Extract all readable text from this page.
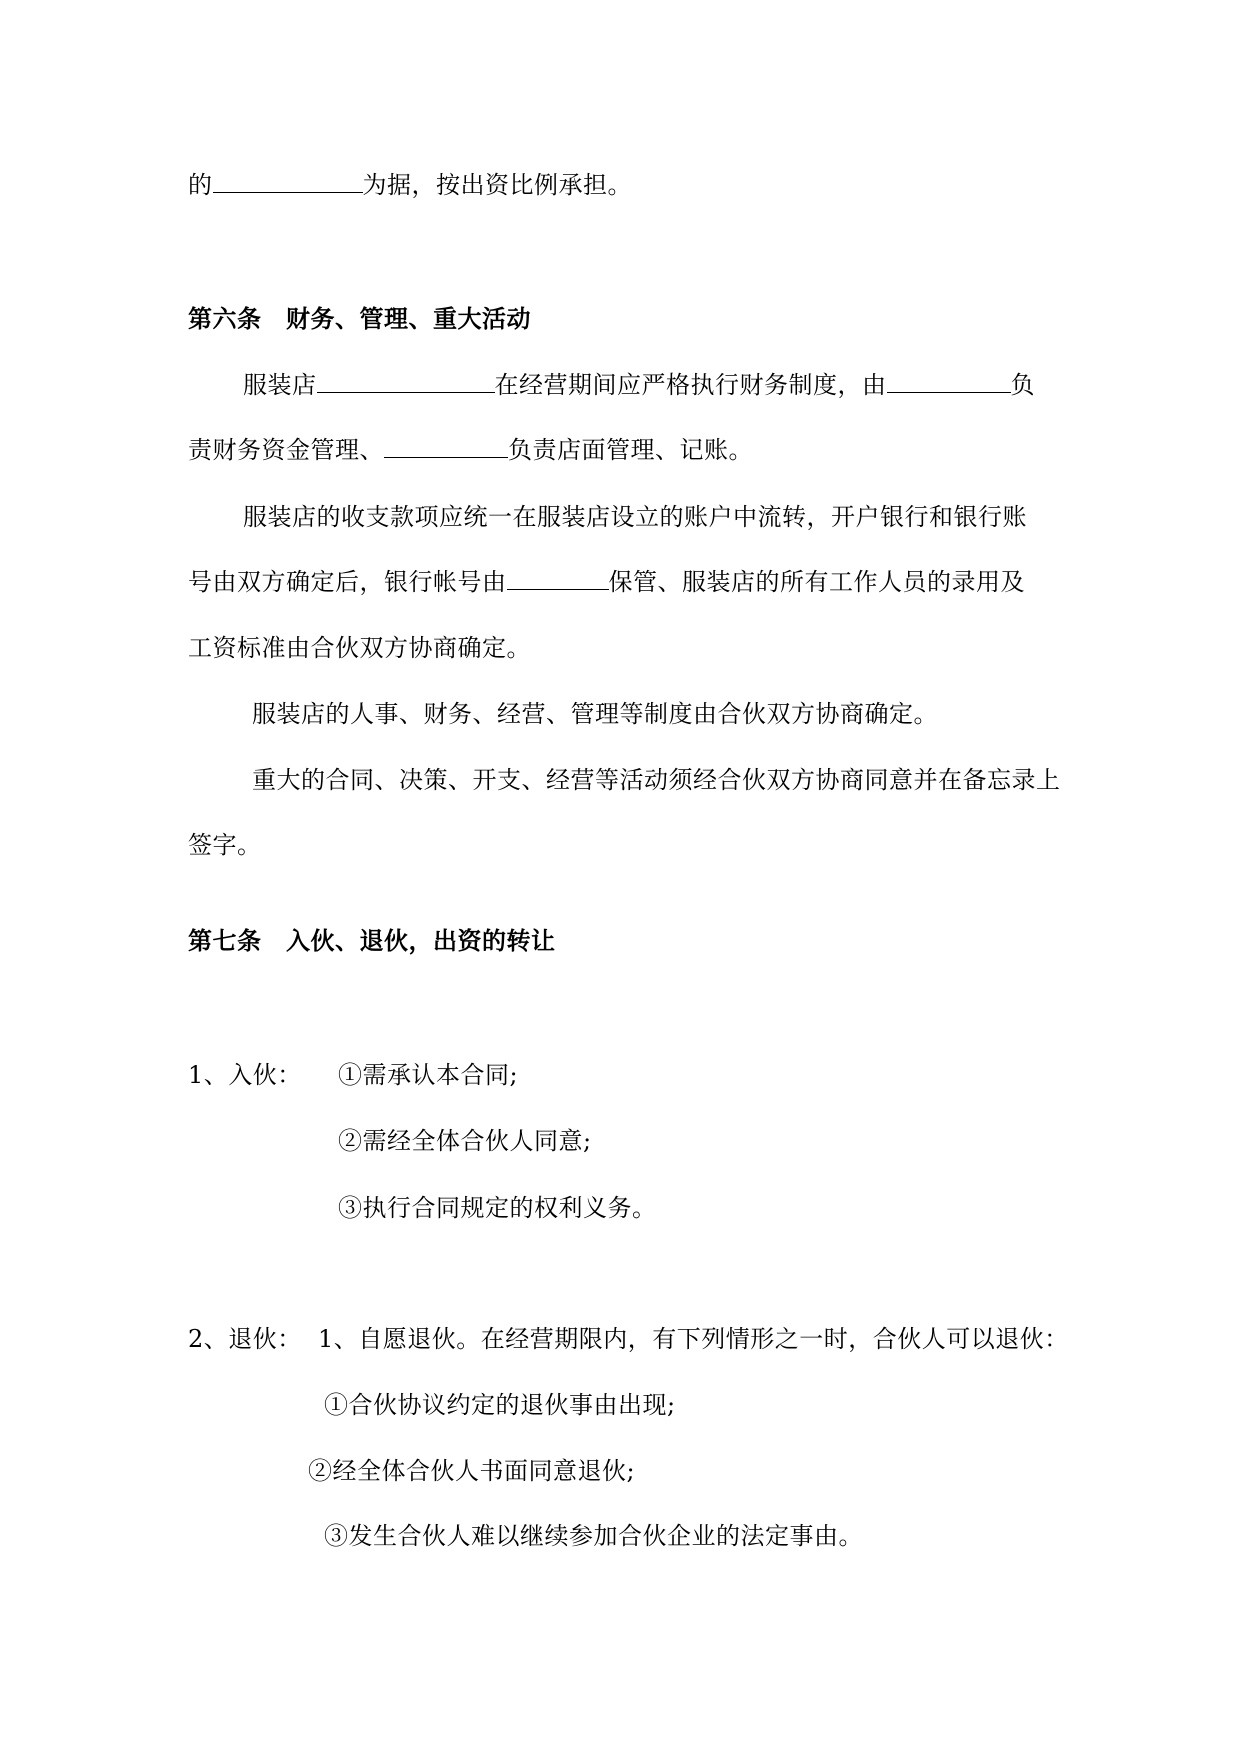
的	为据，按出资比例承担。
第六条　财务、管理、重大活动
服装店	在经营期间应严格执行财务制度，由	负
责财务资金管理、	负责店面管理、记账。
服装店的收支款项应统一在服装店设立的账户中流转，开户银行和银行账
号由双方确定后，银行帐号由	保管、服装店的所有工作人员的录用及
工资标准由合伙双方协商确定。
服装店的人事、财务、经营、管理等制度由合伙双方协商确定。
重大的合同、决策、开支、经营等活动须经合伙双方协商同意并在备忘录上
签字。
第七条　入伙、退伙，出资的转让
1、入伙： ①需承认本合同;
②需经全体合伙人同意;
③执行合同规定的权利义务。
2、退伙： 1、自愿退伙。在经营期限内，有下列情形之一时，合伙人可以退伙：
①合伙协议约定的退伙事由出现;
②经全体合伙人书面同意退伙;
③发生合伙人难以继续参加合伙企业的法定事由。
